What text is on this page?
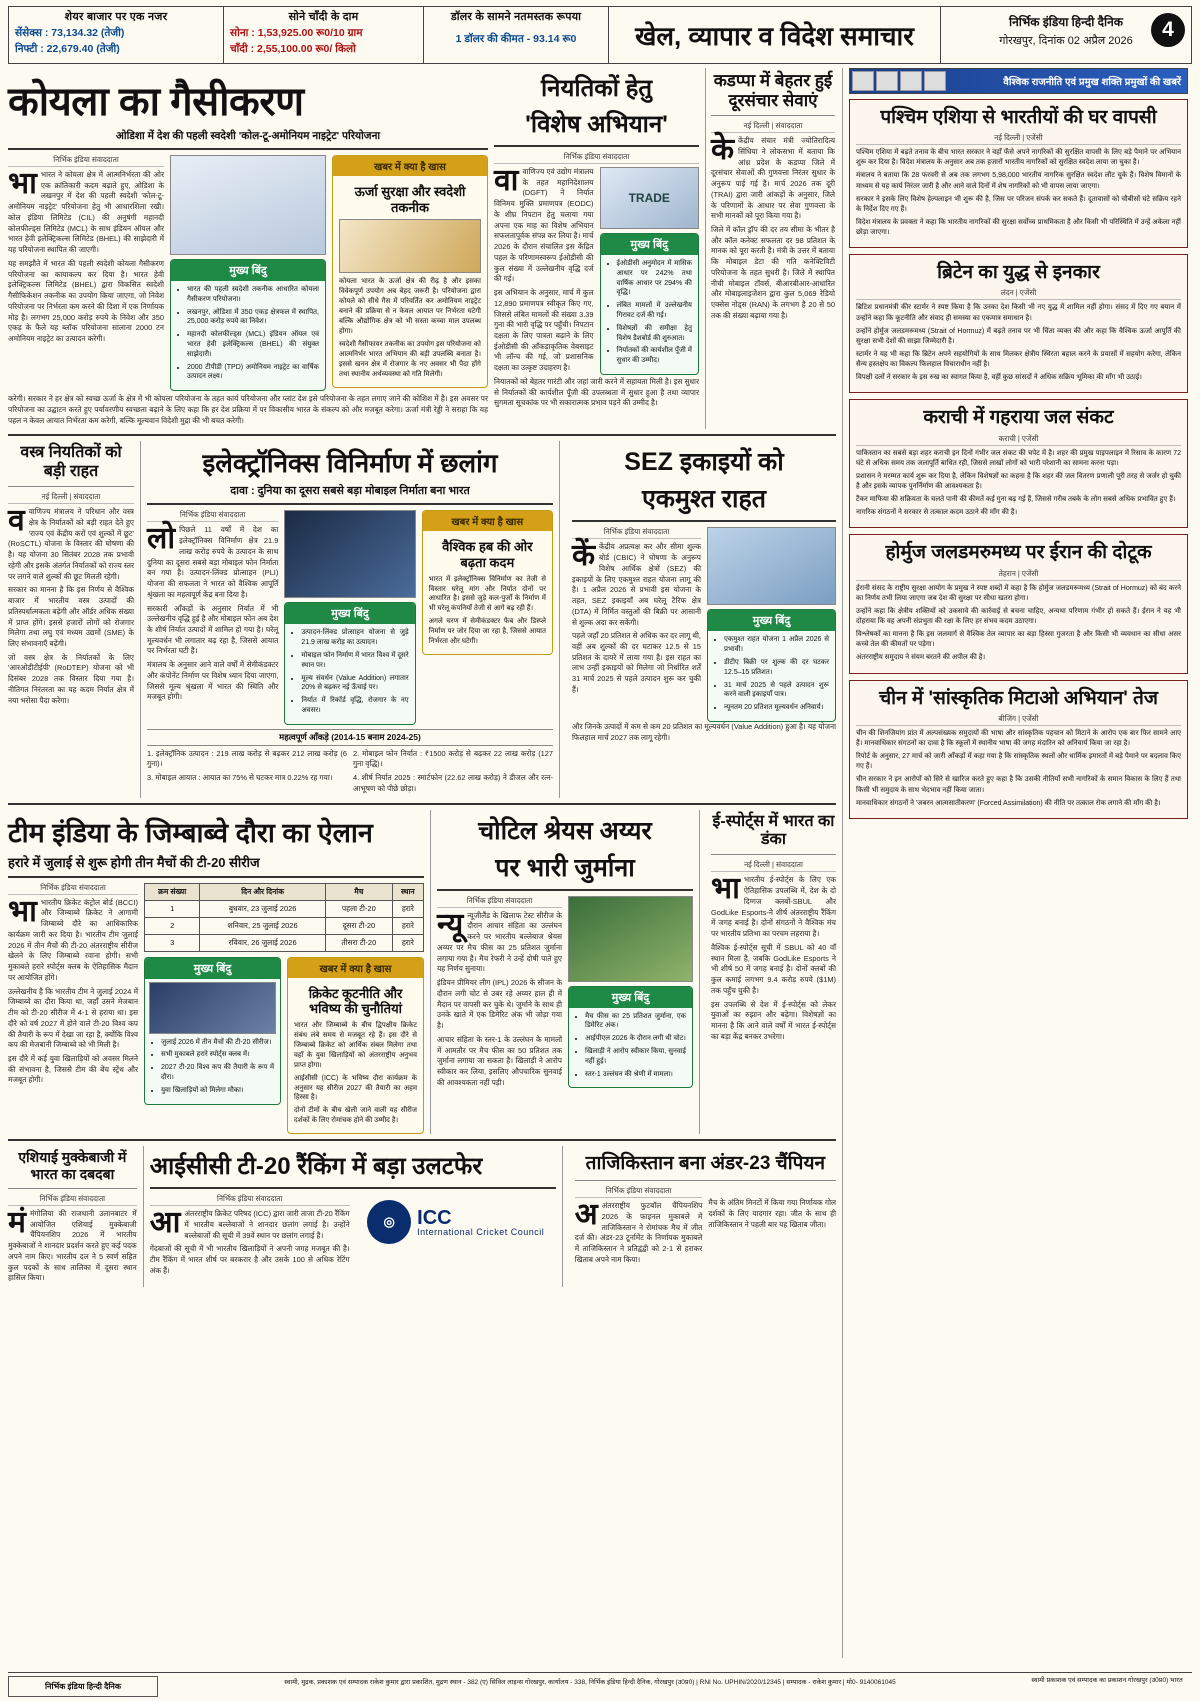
शेयर बाजार पर एक नजर
सेंसेक्स : 73,134.32 (तेजी)
निफ्टी : 22,679.40 (तेजी)
सोने चाँदी के दाम
सोना : 1,53,925.00 रू0/10 ग्राम
चाँदी : 2,55,100.00 रू0/ किलो
डॉलर के सामने नतमस्तक रूपया
1 डॉलर की कीमत - 93.14 रू0	खेल, व्यापार व विदेश समाचार	निर्भिक इंडिया हिन्दी दैनिक
गोरखपुर, दिनांक 02 अप्रैल 2026	4
कोयला का गैसीकरण
ओडिशा में देश की पहली स्वदेशी 'कोल-टू-अमोनियम नाइट्रेट' परियोजना
निर्भिक इंडिया संवाददाता

भाभारत ने कोयला क्षेत्र में आत्मनिर्भरता की ओर एक क्रांतिकारी कदम बढ़ाते हुए, ओडिशा के लखनपुर में देश की पहली स्वदेशी 'कोल-टू-अमोनियम नाइट्रेट' परियोजना हेतु भी आधारशिला रखी। कोल इंडिया लिमिटेड (CIL) की अनुषंगी महानदी कोलफील्ड्स लिमिटेड (MCL) के साथ इंडियन ऑयल और भारत हेवी इलेक्ट्रिकल्स लिमिटेड (BHEL) की साझेदारी में यह परियोजना स्थापित की जाएगी।

यह समझौते में भारत की पहली स्वदेशी कोयला गैसीकरण परियोजना का कायाकल्प कर दिया है। भारत हेवी इलेक्ट्रिकल्स लिमिटेड (BHEL) द्वारा विकसित स्वदेशी गैसीफिकेशन तकनीक का उपयोग किया जाएगा, जो निवेश परियोजना पर निर्भरता कम करने की दिशा में एक निर्णायक मोड़ है। लगभग 25,000 करोड़ रुपये के निवेश और 350 एकड़ के फैले यह ब्लॉक परियोजना सालाना 2000 टन अमोनियम नाइट्रेट का उत्पादन करेगी।

मुख्य बिंदु
• भारत की पहली स्वदेशी तकनीक आधारित कोयला गैसीकरण परियोजना।
• लखनपुर, ओडिशा में 350 एकड़ क्षेत्रफल में स्थापित, 25,000 करोड़ रुपये का निवेश।
• महानदी कोलफील्ड्स (MCL) इंडियन ऑयल एवं भारत हेवी इलेक्ट्रिकल्स (BHEL) की संयुक्त साझेदारी।
• 2000 टीपीडी (TPD) अमोनियम नाइट्रेट का वार्षिक उत्पादन लक्ष्य।
खबर में क्या है खास
ऊर्जा सुरक्षा और स्वदेशी तकनीक

कोयला भारत के ऊर्जा क्षेत्र की रीढ़ है और इसका विवेकपूर्ण उपयोग अब बेहद जरूरी है। परियोजना द्वारा कोयले को सीधे गैस में परिवर्तित कर अमोनियम नाइट्रेट बनाने की प्रक्रिया से न केवल आयात पर निर्भरता घटेगी बल्कि औद्योगिक क्षेत्र को भी सस्ता कच्चा माल उपलब्ध होगा।

स्वदेशी गैसीफायर तकनीक का उपयोग इस परियोजना को आत्मनिर्भर भारत अभियान की बड़ी उपलब्धि बनाता है। इससे खनन क्षेत्र में रोजगार के नए अवसर भी पैदा होंगे तथा स्थानीय अर्थव्यवस्था को गति मिलेगी।

करेगी। सरकार ने हर क्षेत्र को स्वच्छ ऊर्जा के क्षेत्र में भी कोयला परियोजना के तहत कार्य परियोजना और प्लांट देश इसे परियोजना के तहत लगाए जाने की कोशिश में है। इस अवसर पर परियोजना का उद्घाटन करते हुए पर्यावरणीय स्वच्छता बढ़ाने के लिए कहा कि हर देश प्रक्रिया में पर विकासीय भारत के संकल्प को और मजबूत करेगा। ऊर्जा मंत्री रेड्डी ने सराहा कि यह पहल न केवल आयात निर्भरता कम करेगी, बल्कि मूल्यवान विदेशी मुद्रा की भी बचत करेगी।

नियतिकों हेतु
'विशेष अभियान'
निर्भिक इंडिया संवाददाता

वावाणिज्य एवं उद्योग मंत्रालय के तहत महानिदेशालय (DGFT) ने निर्यात विनिमय मुक्ति प्रमाणपत्र (EODC) के शीघ्र निपटान हेतु चलाया गया अपना एक माह का विशेष अभियान सफलतापूर्वक संपन्न कर लिया है। मार्च 2026 के दौरान संचालित इस केंद्रित पहल के परिणामस्वरूप ईओडीसी की कुल संख्या में उल्लेखनीय वृद्धि दर्ज की गई।

इस अभियान के अनुसार, मार्च में कुल 12,890 प्रमाणपत्र स्वीकृत किए गए, जिससे लंबित मामलों की संख्या 3.39 गुना की भारी वृद्धि पर पहुँची। निपटान दक्षता के लिए पात्रता बढ़ाने के लिए ईओडीसी की आँकड़ाकृतिक वेबसाइट भी लॉन्च की गई, जो प्रशासनिक दक्षता का उत्कृष्ट उदाहरण है।

TRADE
मुख्य बिंदु
• ईओडीसी अनुमोदन में मासिक आधार पर 242% तथा वार्षिक आधार पर 294% की वृद्धि।
• लंबित मामलों में उल्लेखनीय गिरावट दर्ज की गई।
• विशेषज्ञों की समीक्षा हेतु विशेष डैशबोर्ड की शुरुआत।
• निर्यातकों की कार्यशील पूँजी में सुधार की उम्मीद।

नियातकों को बेहतर गारंटी और जहां जारी करने में सहायता मिली है। इस सुधार से निर्यातकों की कार्यशील पूँजी की उपलब्धता में सुधार हुआ है तथा व्यापार सुगमता सूचकांक पर भी सकारात्मक प्रभाव पड़ने की उम्मीद है।

कडप्पा में बेहतर हुई दूरसंचार सेवाएं
नई दिल्ली | संवाददाता

केकेंद्रीय संचार मंत्री ज्योतिरादित्य सिंधिया ने लोकसभा में बताया कि आंध्र प्रदेश के कडप्पा जिले में दूरसंचार सेवाओं की गुणवत्ता निरंतर सुधार के अनुरूप पाई गई है। मार्च 2026 तक दूरी (TRAI) द्वारा जारी आंकड़ों के अनुसार, जिले के परिणामों के आधार पर सेवा गुणवत्ता के सभी मानकों को पूरा किया गया है।

जिले में कॉल ड्रॉप की दर तय सीमा के भीतर है और कॉल कनेक्ट सफलता दर 98 प्रतिशत के मानक को पूरा करती है। मंत्री के उत्तर में बताया कि मोबाइल डेटा की गति कनेक्टिविटी परियोजना के तहत सुधरी है। जिले में स्थापित नीची मोबाइल टॉवर्स, बीआरबीआर-आधारित और मोबाइलाइजेशन द्वारा कुल 5,069 रेडियो एक्सेस नोड्स (RAN) के लगभग है 20 से 50 तक की संख्या बढ़ाया गया है।

वस्त्र नियतिकों को बड़ी राहत
नई दिल्ली | संवाददाता

ववाणिज्य मंत्रालय ने परिधान और वस्त्र क्षेत्र के निर्यातकों को बड़ी राहत देते हुए 'राज्य एवं केंद्रीय करों एवं शुल्कों में छूट' (RoSCTL) योजना के विस्तार की घोषणा की है। यह योजना 30 सितंबर 2028 तक प्रभावी रहेगी और इसके अंतर्गत निर्यातकों को राज्य स्तर पर लगने वाले शुल्कों की छूट मिलती रहेगी।

सरकार का मानना है कि इस निर्णय से वैश्विक बाजार में भारतीय वस्त्र उत्पादों की प्रतिस्पर्धात्मकता बढ़ेगी और ऑर्डर अधिक संख्या में प्राप्त होंगे। इससे हजारों लोगों को रोजगार मिलेगा तथा लघु एवं मध्यम उद्यमों (SME) के लिए संभावनाएँ बढ़ेंगी।

जो वस्त्र क्षेत्र के निर्यातकों के लिए 'आरओडीटीईपी' (RoDTEP) योजना को भी दिसंबर 2028 तक विस्तार दिया गया है। नीतिगत निरंतरता का यह कदम निर्यात क्षेत्र में नया भरोसा पैदा करेगा।

इलेक्ट्रॉनिक्स विनिर्माण में छलांग
दावा : दुनिया का दूसरा सबसे बड़ा मोबाइल निर्माता बना भारत
निर्भिक इंडिया संवाददाता

लोपिछले 11 वर्षों में देश का इलेक्ट्रॉनिक्स विनिर्माण क्षेत्र 21.9 लाख करोड़ रुपये के उत्पादन के साथ दुनिया का दूसरा सबसे बड़ा मोबाइल फोन निर्माता बन गया है। उत्पादन-लिंक्ड प्रोत्साहन (PLI) योजना की सफलता ने भारत को वैश्विक आपूर्ति श्रृंखला का महत्वपूर्ण केंद्र बना दिया है।

सरकारी आँकड़ों के अनुसार निर्यात में भी उल्लेखनीय वृद्धि हुई है और मोबाइल फोन अब देश के शीर्ष निर्यात उत्पादों में शामिल हो गया है। घरेलू मूल्यवर्धन भी लगातार बढ़ रहा है, जिससे आयात पर निर्भरता घटी है।

मंत्रालय के अनुसार आने वाले वर्षों में सेमीकंडक्टर और कंपोनेंट निर्माण पर विशेष ध्यान दिया जाएगा, जिससे मूल्य श्रृंखला में भारत की स्थिति और मजबूत होगी।

मुख्य बिंदु
• उत्पादन-लिंक्ड प्रोत्साहन योजना से जुड़े 21.9 लाख करोड़ का उत्पादन।
• मोबाइल फोन निर्माण में भारत विश्व में दूसरे स्थान पर।
• मूल्य संवर्धन (Value Addition) लगातार 20% से बढ़कर नई ऊँचाई पर।
• निर्यात में रिकॉर्ड वृद्धि, रोजगार के नए अवसर।
खबर में क्या है खास
वैश्विक हब की ओर बढ़ता कदम

भारत में इलेक्ट्रॉनिक्स विनिर्माण का तेजी से विस्तार घरेलू मांग और निर्यात दोनों पर आधारित है। इससे जुड़े कल-पुर्जों के निर्माण में भी घरेलू कंपनियाँ तेजी से आगे बढ़ रही हैं।

अगले चरण में सेमीकंडक्टर फैब और डिस्प्ले निर्माण पर जोर दिया जा रहा है, जिससे आयात निर्भरता और घटेगी।

महत्वपूर्ण आँकड़े (2014-15 बनाम 2024-25)

1. इलेक्ट्रॉनिक उत्पादन : 219 लाख करोड़ से बढ़कर 212 लाख करोड़ (6 गुना)।

3. मोबाइल आयात : आयात का 75% से घटकर मात्र 0.22% रह गया।

2. मोबाइल फोन निर्यात : ₹1500 करोड़ से बढ़कर 22 लाख करोड़ (127 गुना वृद्धि)।

4. शीर्ष निर्यात 2025 : स्मार्टफोन (22.62 लाख करोड़) ने डीजल और रत्न-आभूषण को पीछे छोड़ा।

SEZ इकाइयों को
एकमुश्त राहत
निर्भिक इंडिया संवाददाता

केंकेंद्रीय अप्रत्यक्ष कर और सीमा शुल्क बोर्ड (CBIC) ने घोषणा के अनुरूप विशेष आर्थिक क्षेत्रों (SEZ) की इकाइयों के लिए एकमुश्त राहत योजना लागू की है। 1 अप्रैल 2026 से प्रभावी इस योजना के तहत, SEZ इकाइयाँ अब घरेलू टैरिफ क्षेत्र (DTA) में निर्मित वस्तुओं की बिक्री पर आसानी से शुल्क अदा कर सकेंगी।

पहले जहाँ 20 प्रतिशत से अधिक कर दर लागू थी, वहीं अब शुल्कों की दर घटाकर 12.5 से 15 प्रतिशत के दायरे में लाया गया है। इस राहत का लाभ उन्हीं इकाइयों को मिलेगा जो निर्धारित शर्तें 31 मार्च 2025 से पहले उत्पादन शुरू कर चुकी हैं।

मुख्य बिंदु
• एकमुश्त राहत योजना 1 अप्रैल 2026 से प्रभावी।
• डीटीए बिक्री पर शुल्क की दर घटकर 12.5–15 प्रतिशत।
• 31 मार्च 2025 से पहले उत्पादन शुरू करने वाली इकाइयाँ पात्र।
• न्यूनतम 20 प्रतिशत मूल्यवर्धन अनिवार्य।

और जिनके उत्पादों में कम से कम 20 प्रतिशत का मूल्यवर्धन (Value Addition) हुआ है। यह योजना फिलहाल मार्च 2027 तक लागू रहेगी।

टीम इंडिया के जिम्बाब्वे दौरा का ऐलान
हरारे में जुलाई से शुरू होगी तीन मैचों की टी-20 सीरीज
निर्भिक इंडिया संवाददाता

भाभारतीय क्रिकेट कंट्रोल बोर्ड (BCCI) और जिम्बाब्वे क्रिकेट ने आगामी जिम्बाब्वे दौरे का आधिकारिक कार्यक्रम जारी कर दिया है। भारतीय टीम जुलाई 2026 में तीन मैचों की टी-20 अंतरराष्ट्रीय सीरीज खेलने के लिए जिम्बाब्वे रवाना होगी। सभी मुकाबले हरारे स्पोर्ट्स क्लब के ऐतिहासिक मैदान पर आयोजित होंगे।

उल्लेखनीय है कि भारतीय टीम ने जुलाई 2024 में जिम्बाब्वे का दौरा किया था, जहाँ उसने मेजबान टीम को टी-20 सीरीज में 4-1 से हराया था। इस दौरे को वर्ष 2027 में होने वाले टी-20 विश्व कप की तैयारी के रूप में देखा जा रहा है, क्योंकि विश्व कप की मेजबानी जिम्बाब्वे को भी मिली है।

इस दौरे में कई युवा खिलाड़ियों को अवसर मिलने की संभावना है, जिससे टीम की बेंच स्ट्रेंथ और मजबूत होगी।

क्रम संख्या	दिन और दिनांक	मैच	स्थान
1	बुधवार, 23 जुलाई 2026	पहला टी-20	हरारे
2	शनिवार, 25 जुलाई 2026	दूसरा टी-20	हरारे
3	रविवार, 26 जुलाई 2026	तीसरा टी-20	हरारे
मुख्य बिंदु
• जुलाई 2026 में तीन मैचों की टी-20 सीरीज।
• सभी मुकाबले हरारे स्पोर्ट्स क्लब में।
• 2027 टी-20 विश्व कप की तैयारी के रूप में दौरा।
• युवा खिलाड़ियों को मिलेगा मौका।
खबर में क्या है खास
क्रिकेट कूटनीति और भविष्य की चुनौतियां

भारत और जिम्बाब्वे के बीच द्विपक्षीय क्रिकेट संबंध लंबे समय से मजबूत रहे हैं। इस दौरे से जिम्बाब्वे क्रिकेट को आर्थिक संबल मिलेगा तथा वहाँ के युवा खिलाड़ियों को अंतरराष्ट्रीय अनुभव प्राप्त होगा।

आईसीसी (ICC) के भविष्य दौरा कार्यक्रम के अनुसार यह सीरीज 2027 की तैयारी का अहम हिस्सा है।

दोनों टीमों के बीच खेली जाने वाली यह सीरीज दर्शकों के लिए रोमांचक होने की उम्मीद है।

चोटिल श्रेयस अय्यर
पर भारी जुर्माना
निर्भिक इंडिया संवाददाता

न्यू न्यूजीलैंड के खिलाफ टेस्ट सीरीज के दौरान आचार संहिता का उल्लंघन करने पर भारतीय बल्लेबाज श्रेयस अय्यर पर मैच फीस का 25 प्रतिशत जुर्माना लगाया गया है। मैच रेफरी ने उन्हें दोषी पाते हुए यह निर्णय सुनाया।

इंडियन प्रीमियर लीग (IPL) 2026 के सीजन के दौरान लगी चोट से उबर रहे अय्यर हाल ही में मैदान पर वापसी कर चुके थे। जुर्माने के साथ ही उनके खाते में एक डिमेरिट अंक भी जोड़ा गया है।

आचार संहिता के स्तर-1 के उल्लंघन के मामलों में आमतौर पर मैच फीस का 50 प्रतिशत तक जुर्माना लगाया जा सकता है। खिलाड़ी ने आरोप स्वीकार कर लिया, इसलिए औपचारिक सुनवाई की आवश्यकता नहीं पड़ी।

मुख्य बिंदु
• मैच फीस का 25 प्रतिशत जुर्माना, एक डिमेरिट अंक।
• आईपीएल 2026 के दौरान लगी थी चोट।
• खिलाड़ी ने आरोप स्वीकार किया, सुनवाई नहीं हुई।
• स्तर-1 उल्लंघन की श्रेणी में मामला।
ई-स्पोर्ट्स में भारत का डंका
नई दिल्ली | संवाददाता

भाभारतीय ई-स्पोर्ट्स के लिए एक ऐतिहासिक उपलब्धि में, देश के दो दिग्गज क्लबों-SBUL और GodLike Esports-ने शीर्ष अंतरराष्ट्रीय रैंकिंग में जगह बनाई है। दोनों संगठनों ने वैश्विक मंच पर भारतीय प्रतिभा का परचम लहराया है।

वैश्विक ई-स्पोर्ट्स सूची में SBUL को 40 वाँ स्थान मिला है, जबकि GodLike Esports ने भी शीर्ष 50 में जगह बनाई है। दोनों क्लबों की कुल कमाई लगभग 9.4 करोड़ रुपये ($1M) तक पहुँच चुकी है।

इस उपलब्धि से देश में ई-स्पोर्ट्स को लेकर युवाओं का रुझान और बढ़ेगा। विशेषज्ञों का मानना है कि आने वाले वर्षों में भारत ई-स्पोर्ट्स का बड़ा केंद्र बनकर उभरेगा।

एशियाई मुक्केबाजी में भारत का दबदबा
निर्भिक इंडिया संवाददाता

मंमंगोलिया की राजधानी उलानबाटर में आयोजित एशियाई मुक्केबाजी चैंपियनशिप 2026 में भारतीय मुक्केबाजों ने शानदार प्रदर्शन करते हुए कई पदक अपने नाम किए। भारतीय दल ने 5 स्वर्ण सहित कुल पदकों के साथ तालिका में दूसरा स्थान हासिल किया।

आईसीसी टी-20 रैंकिंग में बड़ा उलटफेर
निर्भिक इंडिया संवाददाता

आअंतरराष्ट्रीय क्रिकेट परिषद (ICC) द्वारा जारी ताजा टी-20 रैंकिंग में भारतीय बल्लेबाजों ने शानदार छलांग लगाई है। उन्होंने बल्लेबाजों की सूची में 39वें स्थान पर छलांग लगाई है।

गेंदबाजों की सूची में भी भारतीय खिलाड़ियों ने अपनी जगह मजबूत की है। टीम रैंकिंग में भारत शीर्ष पर बरकरार है और उसके 100 से अधिक रेटिंग अंक हैं।

◎	ICC
International Cricket Council
ताजिकिस्तान बना अंडर-23 चैंपियन
निर्भिक इंडिया संवाददाता

अअंतरराष्ट्रीय फुटबॉल चैंपियनशिप 2026 के फाइनल मुकाबले में ताजिकिस्तान ने रोमांचक मैच में जीत दर्ज की। अंडर-23 टूर्नामेंट के निर्णायक मुकाबले में ताजिकिस्तान ने प्रतिद्वंद्वी को 2-1 से हराकर खिताब अपने नाम किया।

मैच के अंतिम मिनटों में किया गया निर्णायक गोल दर्शकों के लिए यादगार रहा। जीत के साथ ही ताजिकिस्तान ने पहली बार यह खिताब जीता।

वैश्विक राजनीति एवं प्रमुख शक्ति प्रमुखों की खबरें
पश्चिम एशिया से भारतीयों की घर वापसी
नई दिल्ली | एजेंसी

पश्चिम एशिया में बढ़ते तनाव के बीच भारत सरकार ने वहाँ फँसे अपने नागरिकों की सुरक्षित वापसी के लिए बड़े पैमाने पर अभियान शुरू कर दिया है। विदेश मंत्रालय के अनुसार अब तक हजारों भारतीय नागरिकों को सुरक्षित स्वदेश लाया जा चुका है।

मंत्रालय ने बताया कि 28 फरवरी से अब तक लगभग 5,98,000 भारतीय नागरिक सुरक्षित स्वदेश लौट चुके हैं। विशेष विमानों के माध्यम से यह कार्य निरंतर जारी है और आने वाले दिनों में शेष नागरिकों को भी वापस लाया जाएगा।

सरकार ने इसके लिए विशेष हेल्पलाइन भी शुरू की है, जिस पर परिजन संपर्क कर सकते हैं। दूतावासों को चौबीसों घंटे सक्रिय रहने के निर्देश दिए गए हैं।

विदेश मंत्रालय के प्रवक्ता ने कहा कि भारतीय नागरिकों की सुरक्षा सर्वोच्च प्राथमिकता है और किसी भी परिस्थिति में उन्हें अकेला नहीं छोड़ा जाएगा।

ब्रिटेन का युद्ध से इनकार
लंदन | एजेंसी

ब्रिटिश प्रधानमंत्री कीर स्टार्मर ने स्पष्ट किया है कि उनका देश किसी भी नए युद्ध में शामिल नहीं होगा। संसद में दिए गए बयान में उन्होंने कहा कि कूटनीति और संवाद ही समस्या का एकमात्र समाधान है।

उन्होंने होर्मुज जलडमरूमध्य (Strait of Hormuz) में बढ़ते तनाव पर भी चिंता व्यक्त की और कहा कि वैश्विक ऊर्जा आपूर्ति की सुरक्षा सभी देशों की साझा जिम्मेदारी है।

स्टार्मर ने यह भी कहा कि ब्रिटेन अपने सहयोगियों के साथ मिलकर क्षेत्रीय स्थिरता बहाल करने के प्रयासों में सहयोग करेगा, लेकिन सैन्य हस्तक्षेप का विकल्प फिलहाल विचाराधीन नहीं है।

विपक्षी दलों ने सरकार के इस रुख का स्वागत किया है, वहीं कुछ सांसदों ने अधिक सक्रिय भूमिका की माँग भी उठाई।

कराची में गहराया जल संकट
कराची | एजेंसी

पाकिस्तान का सबसे बड़ा शहर कराची इन दिनों गंभीर जल संकट की चपेट में है। शहर की प्रमुख पाइपलाइन में रिसाव के कारण 72 घंटे से अधिक समय तक जलापूर्ति बाधित रही, जिससे लाखों लोगों को भारी परेशानी का सामना करना पड़ा।

प्रशासन ने मरम्मत कार्य शुरू कर दिया है, लेकिन विशेषज्ञों का कहना है कि शहर की जल वितरण प्रणाली पूरी तरह से जर्जर हो चुकी है और इसके व्यापक पुनर्निर्माण की आवश्यकता है।

टैंकर माफिया की सक्रियता के चलते पानी की कीमतें कई गुना बढ़ गई हैं, जिससे गरीब तबके के लोग सबसे अधिक प्रभावित हुए हैं।

नागरिक संगठनों ने सरकार से तत्काल कदम उठाने की माँग की है।

होर्मुज जलडमरुमध्य पर ईरान की दोटूक
तेहरान | एजेंसी

ईरानी संसद के राष्ट्रीय सुरक्षा आयोग के प्रमुख ने स्पष्ट शब्दों में कहा है कि होर्मुज जलडमरूमध्य (Strait of Hormuz) को बंद करने का निर्णय तभी लिया जाएगा जब देश की सुरक्षा पर सीधा खतरा होगा।

उन्होंने कहा कि क्षेत्रीय शक्तियों को उकसावे की कार्रवाई से बचना चाहिए, अन्यथा परिणाम गंभीर हो सकते हैं। ईरान ने यह भी दोहराया कि वह अपनी संप्रभुता की रक्षा के लिए हर संभव कदम उठाएगा।

विश्लेषकों का मानना है कि इस जलमार्ग से वैश्विक तेल व्यापार का बड़ा हिस्सा गुजरता है और किसी भी व्यवधान का सीधा असर कच्चे तेल की कीमतों पर पड़ेगा।

अंतरराष्ट्रीय समुदाय ने संयम बरतने की अपील की है।

चीन में 'सांस्कृतिक मिटाओ अभियान' तेज
बीजिंग | एजेंसी

चीन की शिनजियांग प्रांत में अल्पसंख्यक समुदायों की भाषा और सांस्कृतिक पहचान को मिटाने के आरोप एक बार फिर सामने आए हैं। मानवाधिकार संगठनों का दावा है कि स्कूलों में स्थानीय भाषा की जगह मंदारिन को अनिवार्य किया जा रहा है।

रिपोर्ट के अनुसार, 27 मार्च को जारी आँकड़ों में कहा गया है कि सांस्कृतिक स्थलों और धार्मिक इमारतों में बड़े पैमाने पर बदलाव किए गए हैं।

चीन सरकार ने इन आरोपों को सिरे से खारिज करते हुए कहा है कि उसकी नीतियाँ सभी नागरिकों के समान विकास के लिए हैं तथा किसी भी समुदाय के साथ भेदभाव नहीं किया जाता।

मानवाधिकार संगठनों ने 'जबरन आत्मसातीकरण' (Forced Assimilation) की नीति पर तत्काल रोक लगाने की माँग की है।

निर्भिक इंडिया हिन्दी दैनिक	स्वामी, मुद्रक, प्रकाशक एवं सम्पादक राकेश कुमार द्वारा प्रकाशित, मुद्रण स्थान - 382 (ए) सिविल लाइन्स गोरखपुर, कार्यालय - 338, निर्भिक इंडिया हिन्दी दैनिक, गोरखपुर (उ0प्र0) | RNI No. UPHIN/2020/12345 | सम्पादक - राकेश कुमार | मो0- 9140061045	स्वामी प्रकाशक एवं सम्पादक का प्रकाशन गोरखपुर (उ0प्र0) भारत
